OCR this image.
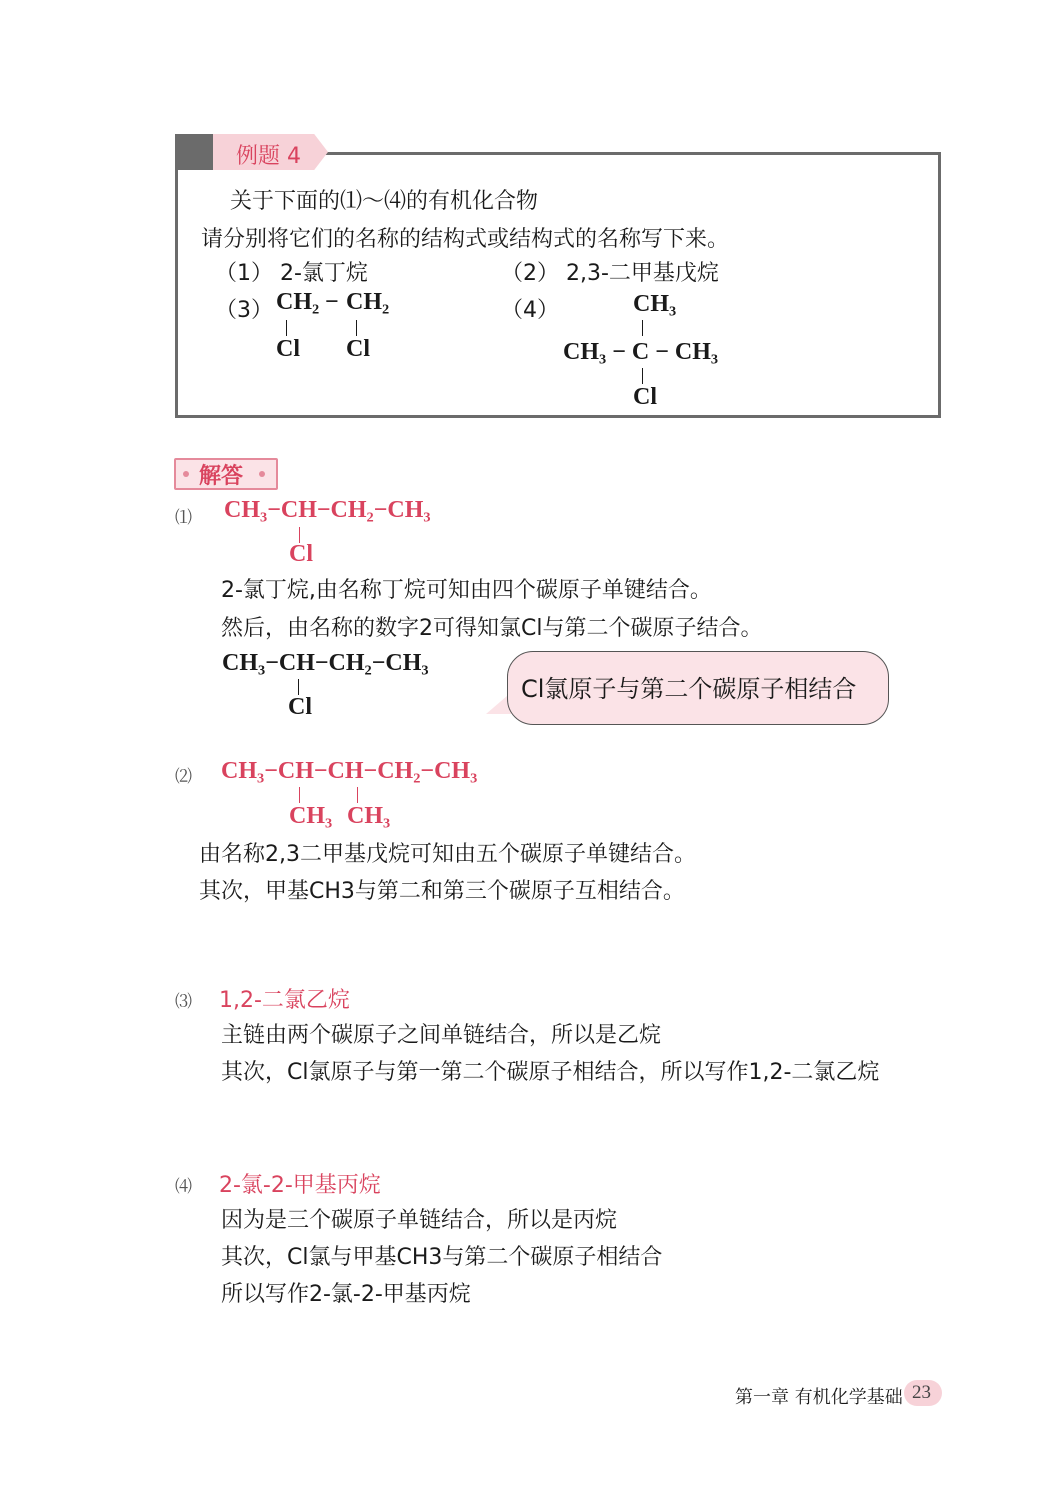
例题 4
关于下面的⑴～⑷的有机化合物
请分别将它们的名称的结构式或结构式的名称写下来。
（1） 2-氯丁烷	（2） 2,3-二甲基戊烷
（3） CH₂ − CH₂
Cl Cl
（4）	CH₃
CH₃ − C − CH₃
Cl
解答
⑴ CH₃−CH−CH₂−CH₃
Cl
2-氯丁烷,由名称丁烷可知由四个碳原子单键结合。
然后，由名称的数字2可得知氯Cl与第二个碳原子结合。
CH₃−CH−CH₂−CH₃
Cl
Cl氯原子与第二个碳原子相结合
⑵ CH₃−CH−CH−CH₂−CH₃
CH₃ CH₃
由名称2,3二甲基戊烷可知由五个碳原子单键结合。
其次，甲基CH3与第二和第三个碳原子互相结合。
⑶ 1,2-二氯乙烷
主链由两个碳原子之间单链结合，所以是乙烷
其次，Cl氯原子与第一第二个碳原子相结合，所以写作1,2-二氯乙烷
⑷ 2-氯-2-甲基丙烷
因为是三个碳原子单链结合，所以是丙烷
其次，Cl氯与甲基CH3与第二个碳原子相结合
所以写作2-氯-2-甲基丙烷
第一章 有机化学基础 23
